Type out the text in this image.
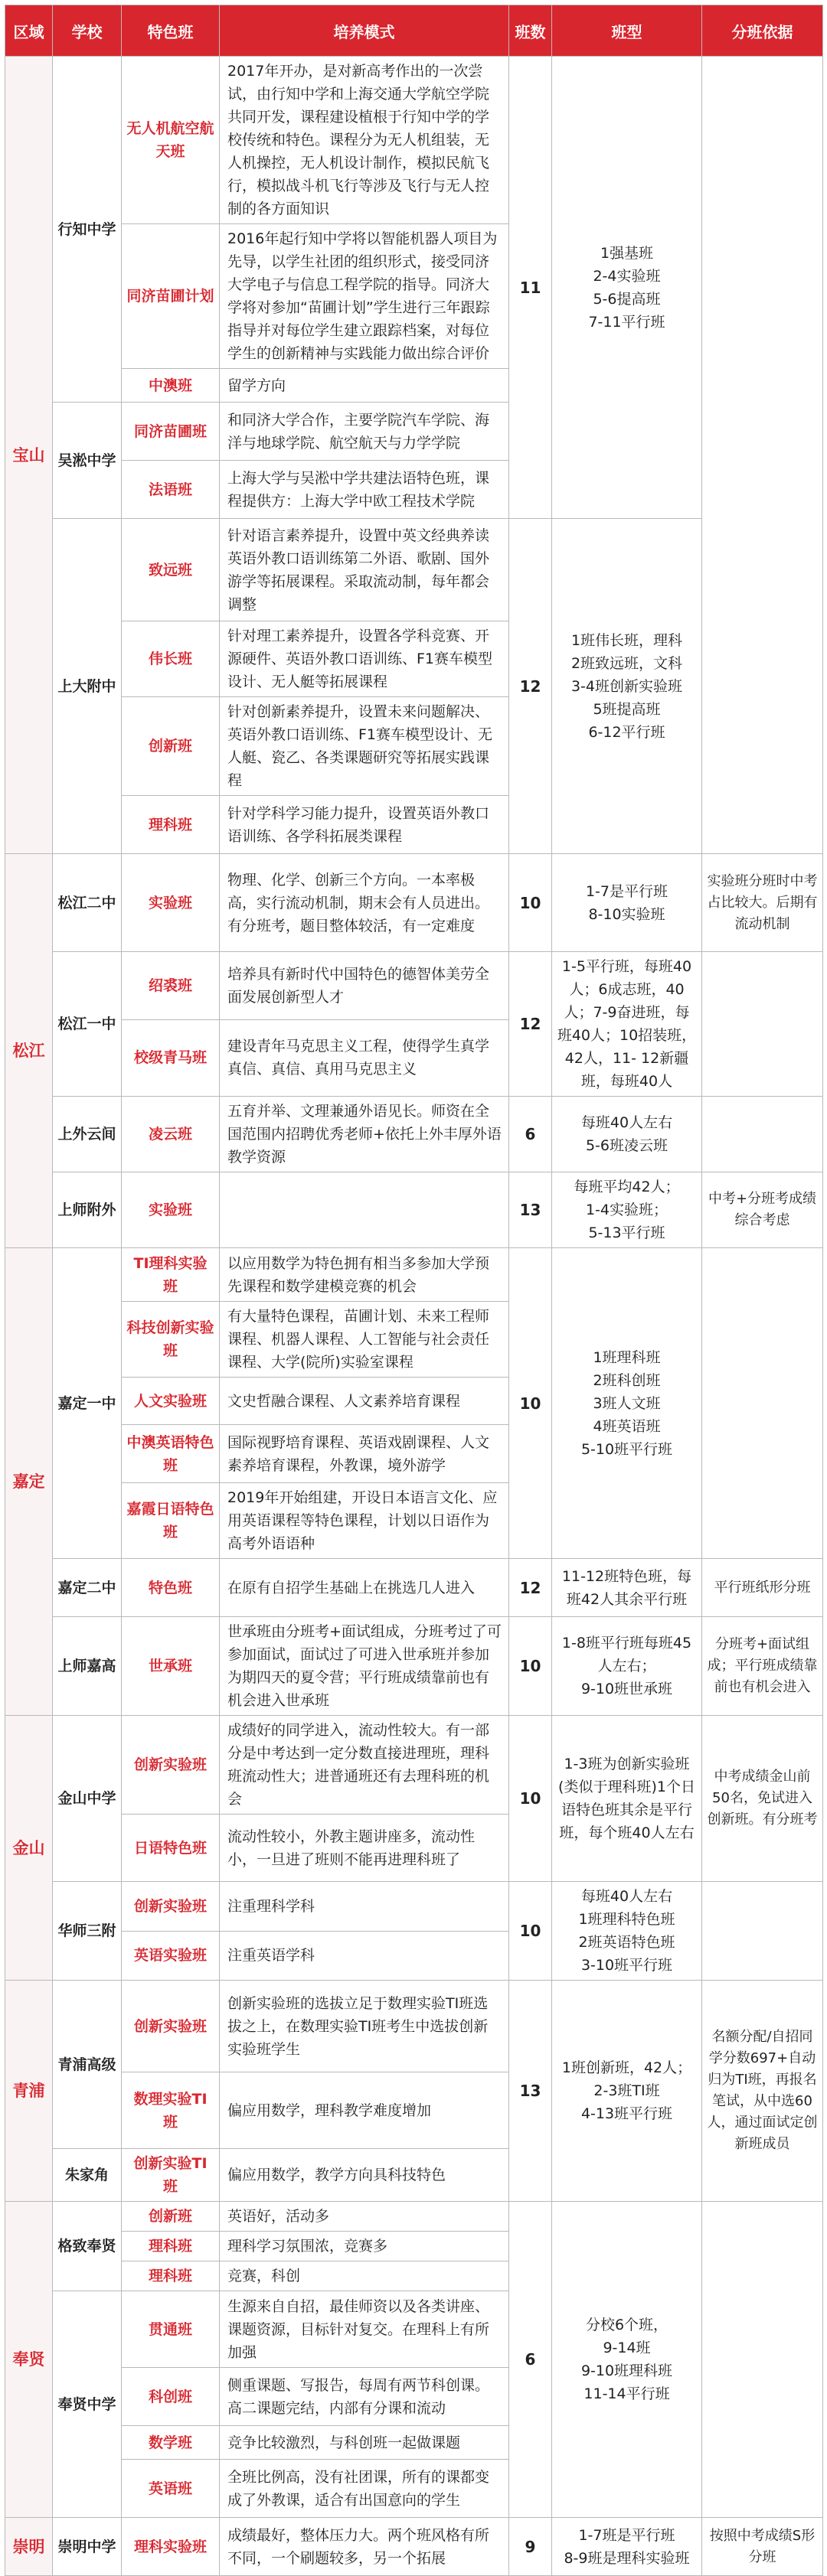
区域	学校	特色班	培养模式	班数	班型	分班依据
宝山	行知中学	无人机航空航天班	2017年开办，是对新高考作出的一次尝试，由行知中学和上海交通大学航空学院共同开发，课程建设植根于行知中学的学校传统和特色。课程分为无人机组装，无人机操控，无人机设计制作，模拟民航飞行，模拟战斗机飞行等涉及飞行与无人控制的各方面知识	11	1强基班
2-4实验班
5-6提高班
7-11平行班	
		同济苗圃计划	2016年起行知中学将以智能机器人项目为先导，以学生社团的组织形式，接受同济大学电子与信息工程学院的指导。同济大学将对参加“苗圃计划”学生进行三年跟踪指导并对每位学生建立跟踪档案，对每位学生的创新精神与实践能力做出综合评价			
		中澳班	留学方向			
	吴淞中学	同济苗圃班	和同济大学合作，主要学院汽车学院、海洋与地球学院、航空航天与力学学院			
		法语班	上海大学与吴淞中学共建法语特色班，课程提供方：上海大学中欧工程技术学院			
	上大附中	致远班	针对语言素养提升，设置中英文经典养读英语外教口语训练第二外语、歌剧、国外游学等拓展课程。采取流动制，每年都会调整	12	1班伟长班，理科
2班致远班，文科
3-4班创新实验班
5班提高班
6-12平行班	
		伟长班	针对理工素养提升，设置各学科竞赛、开源硬件、英语外教口语训练、F1赛车模型设计、无人艇等拓展课程			
		创新班	针对创新素养提升，设置未来问题解决、英语外教口语训练、F1赛车模型设计、无人艇、瓷乙、各类课题研究等拓展实践课程			
		理科班	针对学科学习能力提升，设置英语外教口语训练、各学科拓展类课程			
松江	松江二中	实验班	物理、化学、创新三个方向。一本率极高，实行流动机制，期末会有人员进出。有分班考，题目整体较活，有一定难度	10	1-7是平行班
8-10实验班	实验班分班时中考占比较大。后期有流动机制
	松江一中	绍裘班	培养具有新时代中国特色的德智体美劳全面发展创新型人才	12	1-5平行班，每班40人；6成志班，40人；7-9奋进班，每班40人；10招装班，42人，11- 12新疆班，每班40人	
		校级青马班	建设青年马克思主义工程，使得学生真学真信、真信、真用马克思主义			
	上外云间	凌云班	五育并举、文理兼通外语见长。师资在全国范围内招聘优秀老师+依托上外丰厚外语教学资源	6	每班40人左右
5-6班凌云班	
	上师附外	实验班		13	每班平均42人；
1-4实验班；
5-13平行班	中考+分班考成绩综合考虑
嘉定	嘉定一中	TI理科实验班	以应用数学为特色拥有相当多参加大学预先课程和数学建模竞赛的机会	10	1班理科班
2班科创班
3班人文班
4班英语班
5-10班平行班	
		科技创新实验班	有大量特色课程，苗圃计划、未来工程师课程、机器人课程、人工智能与社会责任课程、大学(院所)实验室课程			
		人文实验班	文史哲融合课程、人文素养培育课程			
		中澳英语特色班	国际视野培育课程、英语戏剧课程、人文素养培育课程，外教课，境外游学			
		嘉霞日语特色班	2019年开始组建，开设日本语言文化、应用英语课程等特色课程，计划以日语作为高考外语语种			
	嘉定二中	特色班	在原有自招学生基础上在挑选几人进入	12	11-12班特色班，每班42人其余平行班	平行班纸形分班
	上师嘉高	世承班	世承班由分班考+面试组成，分班考过了可参加面试，面试过了可进入世承班并参加为期四天的夏令营；平行班成绩靠前也有机会进入世承班	10	1-8班平行班每班45人左右；
9-10班世承班	分班考+面试组成；平行班成绩靠前也有机会进入
金山	金山中学	创新实验班	成绩好的同学进入，流动性较大。有一部分是中考达到一定分数直接进理班，理科班流动性大；进普通班还有去理科班的机会	10	1-3班为创新实验班(类似于理科班)1个日语特色班其余是平行班，每个班40人左右	中考成绩金山前50名，免试进入创新班。有分班考
		日语特色班	流动性较小，外教主题讲座多，流动性小，一旦进了班则不能再进理科班了			
	华师三附	创新实验班	注重理科学科	10	每班40人左右
1班理科特色班
2班英语特色班
3-10班平行班	
		英语实验班	注重英语学科			
青浦	青浦高级	创新实验班	创新实验班的选拔立足于数理实验TI班选拔之上，在数理实验TI班考生中选拔创新实验班学生	13	1班创新班，42人；
2-3班TI班
4-13班平行班	名额分配/自招同学分数697+自动归为TI班，再报名笔试，从中选60人，通过面试定创新班成员
		数理实验TI班	偏应用数学，理科教学难度增加			
	朱家角	创新实验TI班	偏应用数学，教学方向具科技特色			
奉贤	格致奉贤	创新班	英语好，活动多	6	分校6个班，
9-14班
9-10班理科班
11-14平行班	
		理科班	理科学习氛围浓，竞赛多			
		理科班	竞赛，科创			
	奉贤中学	贯通班	生源来自自招，最佳师资以及各类讲座、课题资源，目标针对复交。在理科上有所加强			
		科创班	侧重课题、写报告，每周有两节科创课。高二课题完结，内部有分课和流动			
		数学班	竞争比较激烈，与科创班一起做课题			
		英语班	全班比例高，没有社团课，所有的课都变成了外教课，适合有出国意向的学生			
崇明	崇明中学	理科实验班	成绩最好，整体压力大。两个班风格有所不同，一个刷题较多，另一个拓展	9	1-7班是平行班
8-9班是理科实验班	按照中考成绩S形分班
